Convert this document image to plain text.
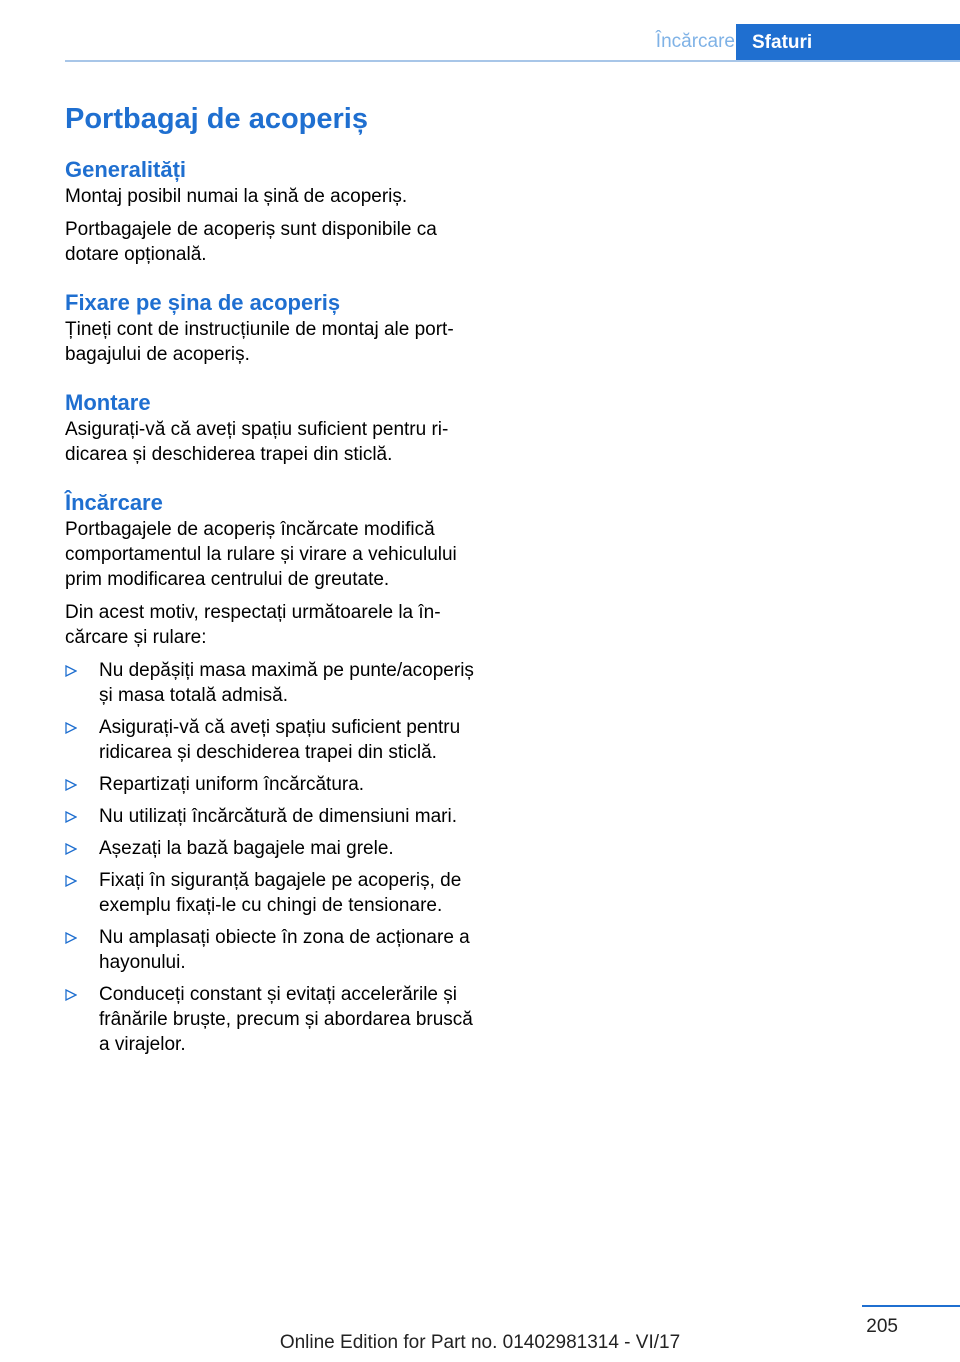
Încărcare Sfaturi
Portbagaj de acoperiș
Generalități

Montaj posibil numai la șină de acoperiș.

Portbagajele de acoperiș sunt disponibile ca dotare opțională.

Fixare pe șina de acoperiș

Țineți cont de instrucțiunile de montaj ale portbagajului de acoperiș.

Montare

Asigurați-vă că aveți spațiu suficient pentru ridicarea și deschiderea trapei din sticlă.

Încărcare

Portbagajele de acoperiș încărcate modifică comportamentul la rulare și virare a vehiculului prim modificarea centrului de greutate.

Din acest motiv, respectați următoarele la încărcare și rulare:

Nu depășiți masa maximă pe punte/acoperiș și masa totală admisă.
Asigurați-vă că aveți spațiu suficient pentru ridicarea și deschiderea trapei din sticlă.
Repartizați uniform încărcătura.
Nu utilizați încărcătură de dimensiuni mari.
Așezați la bază bagajele mai grele.
Fixați în siguranță bagajele pe acoperiș, de exemplu fixați-le cu chingi de tensionare.
Nu amplasați obiecte în zona de acționare a hayonului.
Conduceți constant și evitați accelerările și frânările bruște, precum și abordarea bruscă a virajelor.
205
Online Edition for Part no. 01402981314 - VI/17
